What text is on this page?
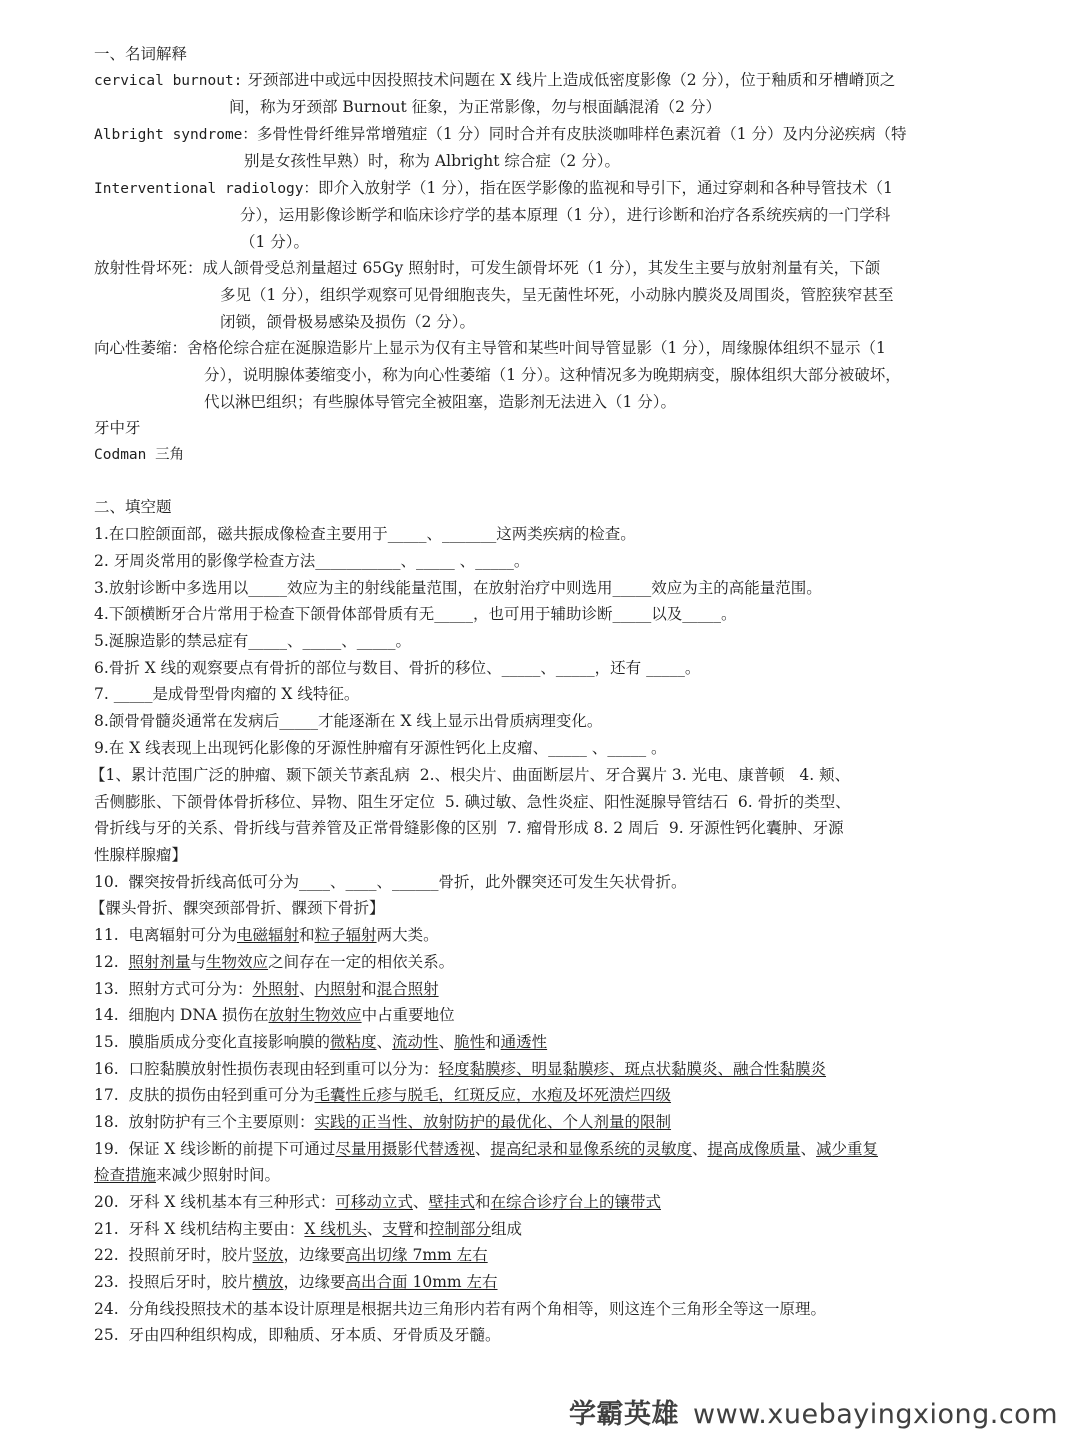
一、名词解释
cervical burnout: 牙颈部进中或远中因投照技术问题在 X 线片上造成低密度影像（2 分），位于釉质和牙槽嵴顶之
间，称为牙颈部 Burnout 征象，为正常影像，勿与根面龋混淆（2 分）
Albright syndrome：多骨性骨纤维异常增殖症（1 分）同时合并有皮肤淡咖啡样色素沉着（1 分）及内分泌疾病（特
别是女孩性早熟）时，称为 Albright 综合症（2 分）。
Interventional radiology：即介入放射学（1 分），指在医学影像的监视和导引下，通过穿刺和各种导管技术（1
分），运用影像诊断学和临床诊疗学的基本原理（1 分），进行诊断和治疗各系统疾病的一门学科
（1 分）。
放射性骨坏死：成人颌骨受总剂量超过 65Gy 照射时，可发生颌骨坏死（1 分），其发生主要与放射剂量有关，下颌
多见（1 分），组织学观察可见骨细胞丧失，呈无菌性坏死，小动脉内膜炎及周围炎，管腔狭窄甚至
闭锁，颌骨极易感染及损伤（2 分）。
向心性萎缩：舍格伦综合症在涎腺造影片上显示为仅有主导管和某些叶间导管显影（1 分），周缘腺体组织不显示（1
分），说明腺体萎缩变小，称为向心性萎缩（1 分）。这种情况多为晚期病变，腺体组织大部分被破坏，
代以淋巴组织；有些腺体导管完全被阻塞，造影剂无法进入（1 分）。
牙中牙
Codman 三角
二、填空题
1.在口腔颌面部，磁共振成像检查主要用于_____、_______这两类疾病的检查。
2. 牙周炎常用的影像学检查方法___________、_____ 、_____。
3.放射诊断中多选用以_____效应为主的射线能量范围，在放射治疗中则选用_____效应为主的高能量范围。
4.下颌横断牙合片常用于检查下颌骨体部骨质有无_____，也可用于辅助诊断_____以及_____。
5.涎腺造影的禁忌症有_____、_____、_____。
6.骨折 X 线的观察要点有骨折的部位与数目、骨折的移位、_____、_____，还有 _____。
7. _____是成骨型骨肉瘤的 X 线特征。
8.颌骨骨髓炎通常在发病后_____才能逐渐在 X 线上显示出骨质病理变化。
9.在 X 线表现上出现钙化影像的牙源性肿瘤有牙源性钙化上皮瘤、_____ 、_____ 。
【1、累计范围广泛的肿瘤、颞下颌关节紊乱病  2.、根尖片、曲面断层片、牙合翼片 3. 光电、康普顿   4. 颊、
舌侧膨胀、下颌骨体骨折移位、异物、阻生牙定位  5. 碘过敏、急性炎症、阳性涎腺导管结石  6. 骨折的类型、
骨折线与牙的关系、骨折线与营养管及正常骨缝影像的区别  7. 瘤骨形成 8. 2 周后  9. 牙源性钙化囊肿、牙源
性腺样腺瘤】
10.  髁突按骨折线高低可分为____、____、______骨折，此外髁突还可发生矢状骨折。
【髁头骨折、髁突颈部骨折、髁颈下骨折】
11.  电离辐射可分为电磁辐射和粒子辐射两大类。
12.  照射剂量与生物效应之间存在一定的相依关系。
13.  照射方式可分为：外照射、内照射和混合照射
14.  细胞内 DNA 损伤在放射生物效应中占重要地位
15.  膜脂质成分变化直接影响膜的微粘度、流动性、脆性和通透性
16.  口腔黏膜放射性损伤表现由轻到重可以分为：轻度黏膜疹、明显黏膜疹、斑点状黏膜炎、融合性黏膜炎
17.  皮肤的损伤由轻到重可分为毛囊性丘疹与脱毛，红斑反应，水疱及坏死溃烂四级
18.  放射防护有三个主要原则：实践的正当性、放射防护的最优化、个人剂量的限制
19.  保证 X 线诊断的前提下可通过尽量用摄影代替透视、提高纪录和显像系统的灵敏度、提高成像质量、减少重复
检查措施来减少照射时间。
20.  牙科 X 线机基本有三种形式：可移动立式、壁挂式和在综合诊疗台上的镶带式
21.  牙科 X 线机结构主要由：X 线机头、支臂和控制部分组成
22.  投照前牙时，胶片竖放，边缘要高出切缘 7mm 左右
23.  投照后牙时，胶片横放，边缘要高出合面 10mm 左右
24.  分角线投照技术的基本设计原理是根据共边三角形内若有两个角相等，则这连个三角形全等这一原理。
25.  牙由四种组织构成，即釉质、牙本质、牙骨质及牙髓。
学霸英雄 www.xuebayingxiong.com
